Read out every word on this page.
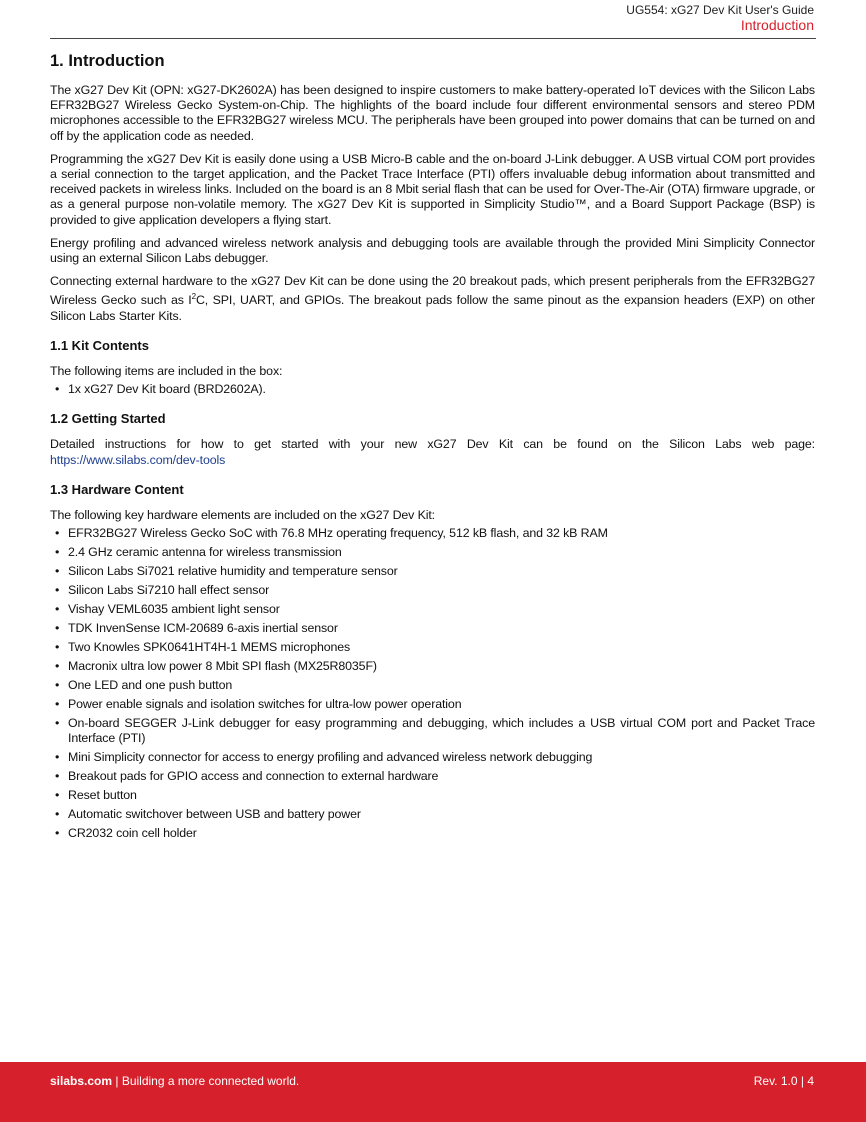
UG554: xG27 Dev Kit User's Guide
Introduction
1. Introduction

The xG27 Dev Kit (OPN: xG27-DK2602A) has been designed to inspire customers to make battery-operated IoT devices with the Silicon Labs EFR32BG27 Wireless Gecko System-on-Chip. The highlights of the board include four different environmental sensors and stereo PDM microphones accessible to the EFR32BG27 wireless MCU. The peripherals have been grouped into power domains that can be turned on and off by the application code as needed.

Programming the xG27 Dev Kit is easily done using a USB Micro-B cable and the on-board J-Link debugger. A USB virtual COM port provides a serial connection to the target application, and the Packet Trace Interface (PTI) offers invaluable debug information about transmitted and received packets in wireless links. Included on the board is an 8 Mbit serial flash that can be used for Over-The-Air (OTA) firmware upgrade, or as a general purpose non-volatile memory. The xG27 Dev Kit is supported in Simplicity Studio™, and a Board Support Package (BSP) is provided to give application developers a flying start.

Energy profiling and advanced wireless network analysis and debugging tools are available through the provided Mini Simplicity Connector using an external Silicon Labs debugger.

Connecting external hardware to the xG27 Dev Kit can be done using the 20 breakout pads, which present peripherals from the EFR32BG27 Wireless Gecko such as $I^2C$, SPI, UART, and GPIOs. The breakout pads follow the same pinout as the expansion headers (EXP) on other Silicon Labs Starter Kits.

1.1 Kit Contents

The following items are included in the box:

• 1x xG27 Dev Kit board (BRD2602A).
1.2 Getting Started

Detailed instructions for how to get started with your new xG27 Dev Kit can be found on the Silicon Labs web page: https://www.silabs.com/dev-tools

1.3 Hardware Content

The following key hardware elements are included on the xG27 Dev Kit:

• EFR32BG27 Wireless Gecko SoC with 76.8 MHz operating frequency, 512 kB flash, and 32 kB RAM
• 2.4 GHz ceramic antenna for wireless transmission
• Silicon Labs Si7021 relative humidity and temperature sensor
• Silicon Labs Si7210 hall effect sensor
• Vishay VEML6035 ambient light sensor
• TDK InvenSense ICM-20689 6-axis inertial sensor
• Two Knowles SPK0641HT4H-1 MEMS microphones
• Macronix ultra low power 8 Mbit SPI flash (MX25R8035F)
• One LED and one push button
• Power enable signals and isolation switches for ultra-low power operation
• On-board SEGGER J-Link debugger for easy programming and debugging, which includes a USB virtual COM port and Packet Trace Interface (PTI)
• Mini Simplicity connector for access to energy profiling and advanced wireless network debugging
• Breakout pads for GPIO access and connection to external hardware
• Reset button
• Automatic switchover between USB and battery power
• CR2032 coin cell holder
silabs.com | Building a more connected world.	Rev. 1.0 | 4
